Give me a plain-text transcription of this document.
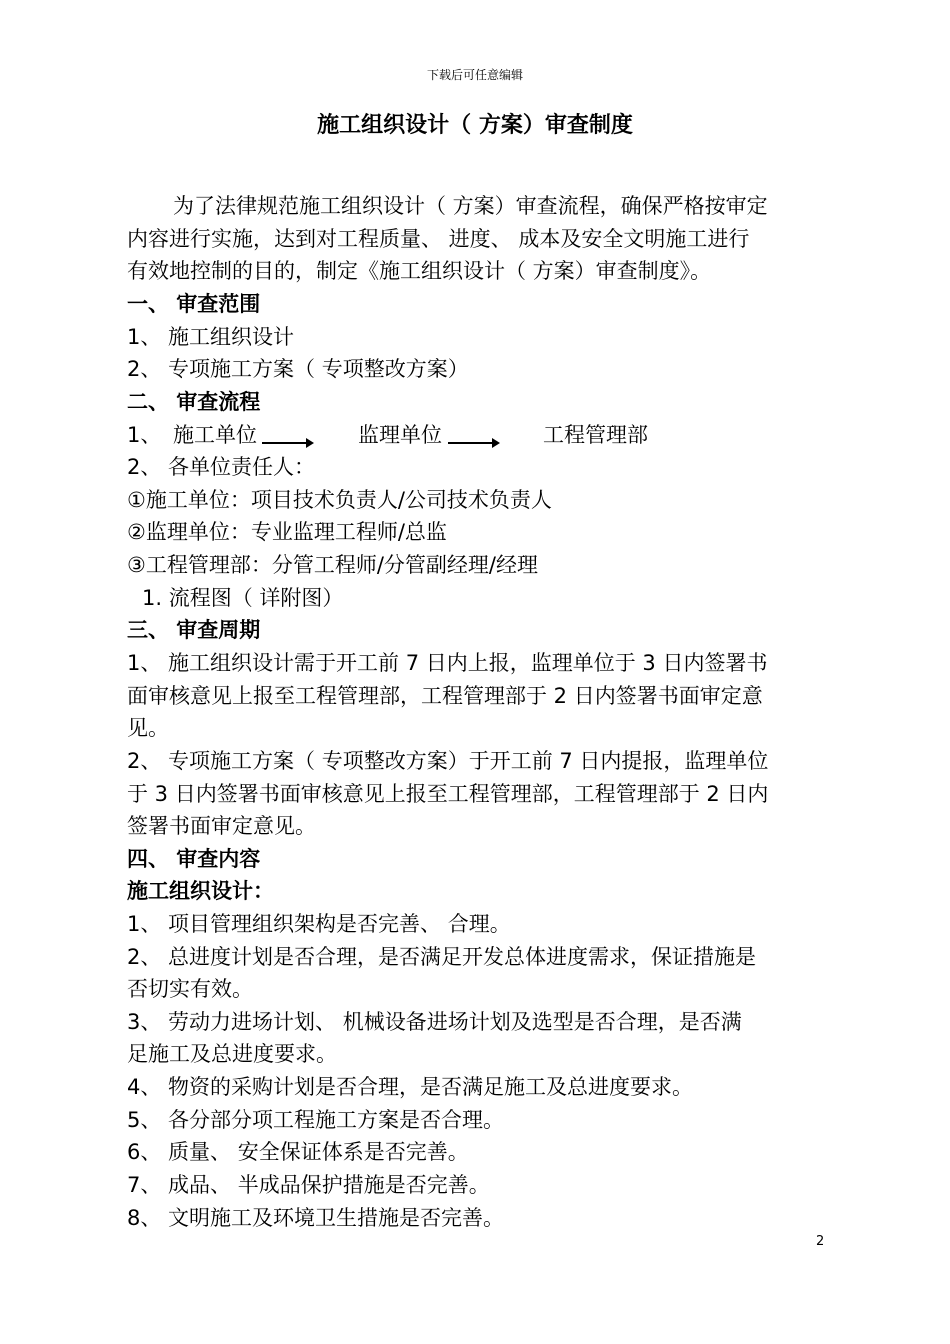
下载后可任意编辑
施工组织设计（ 方案）审查制度
为了法律规范施工组织设计（ 方案）审查流程，确保严格按审定
内容进行实施，达到对工程质量、 进度、 成本及安全文明施工进行
有效地控制的目的，制定《施工组织设计（ 方案）审查制度》。
一、 审查范围
1、 施工组织设计
2、 专项施工方案（ 专项整改方案）
二、 审查流程
1、 施工单位	监理单位	工程管理部
2、 各单位责任人：
①施工单位：项目技术负责人/公司技术负责人
②监理单位：专业监理工程师/总监
③工程管理部：分管工程师/分管副经理/经理
1. 流程图（ 详附图）
三、 审查周期
1、 施工组织设计需于开工前 7 日内上报，监理单位于 3 日内签署书
面审核意见上报至工程管理部，工程管理部于 2 日内签署书面审定意
见。
2、 专项施工方案（ 专项整改方案）于开工前 7 日内提报，监理单位
于 3 日内签署书面审核意见上报至工程管理部，工程管理部于 2 日内
签署书面审定意见。
四、 审查内容
施工组织设计：
1、 项目管理组织架构是否完善、 合理。
2、 总进度计划是否合理，是否满足开发总体进度需求，保证措施是
否切实有效。
3、 劳动力进场计划、 机械设备进场计划及选型是否合理，是否满
足施工及总进度要求。
4、 物资的采购计划是否合理，是否满足施工及总进度要求。
5、 各分部分项工程施工方案是否合理。
6、 质量、 安全保证体系是否完善。
7、 成品、 半成品保护措施是否完善。
8、 文明施工及环境卫生措施是否完善。
2
